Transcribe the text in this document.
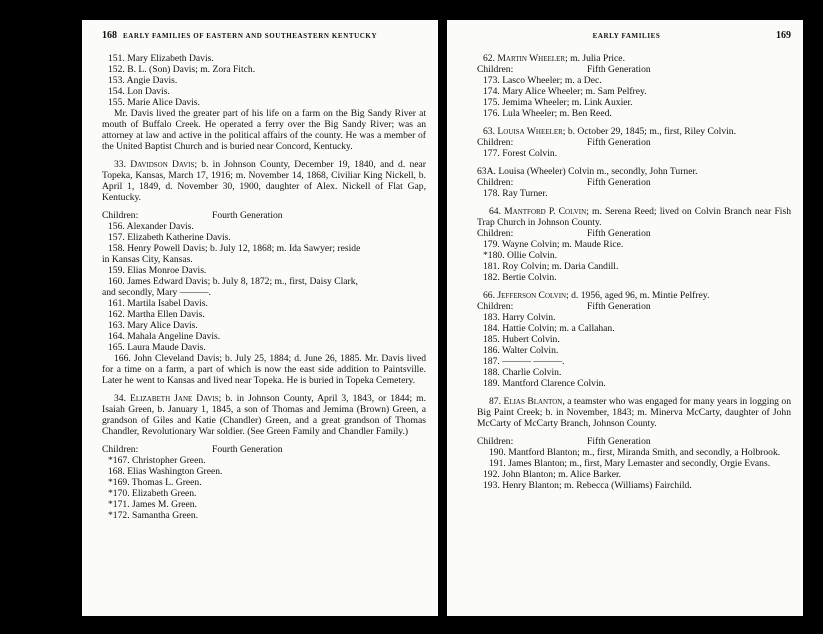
168 EARLY FAMILIES OF EASTERN AND SOUTHEASTERN KENTUCKY
151. Mary Elizabeth Davis.
152. B. L. (Son) Davis; m. Zora Fitch.
153. Angie Davis.
154. Lon Davis.
155. Marie Alice Davis.

Mr. Davis lived the greater part of his life on a farm on the Big Sandy River at mouth of Buffalo Creek. He operated a ferry over the Big Sandy River; was an attorney at law and active in the political affairs of the county. He was a member of the United Baptist Church and is buried near Concord, Kentucky.

33. Davidson Davis; b. in Johnson County, December 19, 1840, and d. near Topeka, Kansas, March 17, 1916; m. November 14, 1868, Civiliar King Nickell, b. April 1, 1849, d. November 30, 1900, daughter of Alex. Nickell of Flat Gap, Kentucky.

Children:	Fourth Generation
156. Alexander Davis.
157. Elizabeth Katherine Davis.
158. Henry Powell Davis; b. July 12, 1868; m. Ida Sawyer; reside
in Kansas City, Kansas.
159. Elias Monroe Davis.
160. James Edward Davis; b. July 8, 1872; m., first, Daisy Clark,
and secondly, Mary ———.
161. Martila Isabel Davis.
162. Martha Ellen Davis.
163. Mary Alice Davis.
164. Mahala Angeline Davis.
165. Laura Maude Davis.

166. John Cleveland Davis; b. July 25, 1884; d. June 26, 1885. Mr. Davis lived for a time on a farm, a part of which is now the east side addition to Paintsville. Later he went to Kansas and lived near Topeka. He is buried in Topeka Cemetery.

34. Elizabeth Jane Davis; b. in Johnson County, April 3, 1843, or 1844; m. Isaiah Green, b. January 1, 1845, a son of Thomas and Jemima (Brown) Green, a grandson of Giles and Katie (Chandler) Green, and a great grandson of Thomas Chandler, Revolutionary War soldier. (See Green Family and Chandler Family.)

Children:	Fourth Generation
*167. Christopher Green.
168. Elias Washington Green.
*169. Thomas L. Green.
*170. Elizabeth Green.
*171. James M. Green.
*172. Samantha Green.
EARLY FAMILIES	169
62. Martin Wheeler; m. Julia Price.
Children:	Fifth Generation
173. Lasco Wheeler; m. a Dec.
174. Mary Alice Wheeler; m. Sam Pelfrey.
175. Jemima Wheeler; m. Link Auxier.
176. Lula Wheeler; m. Ben Reed.
63. Louisa Wheeler; b. October 29, 1845; m., first, Riley Colvin.
Children:	Fifth Generation
177. Forest Colvin.
63A. Louisa (Wheeler) Colvin m., secondly, John Turner.
Children:	Fifth Generation
178. Ray Turner.

64. Mantford P. Colvin; m. Serena Reed; lived on Colvin Branch near Fish Trap Church in Johnson County.

Children:	Fifth Generation
179. Wayne Colvin; m. Maude Rice.
*180. Ollie Colvin.
181. Roy Colvin; m. Daria Candill.
182. Bertie Colvin.
66. Jefferson Colvin; d. 1956, aged 96, m. Mintie Pelfrey.
Children:	Fifth Generation
183. Harry Colvin.
184. Hattie Colvin; m. a Callahan.
185. Hubert Colvin.
186. Walter Colvin.
187. ——— ———.
188. Charlie Colvin.
189. Mantford Clarence Colvin.

87. Elias Blanton, a teamster who was engaged for many years in logging on Big Paint Creek; b. in November, 1843; m. Minerva McCarty, daughter of John McCarty of McCarty Branch, Johnson County.

Children:	Fifth Generation

190. Mantford Blanton; m., first, Miranda Smith, and secondly, a Holbrook.

191. James Blanton; m., first, Mary Lemaster and secondly, Orgie Evans.

192. John Blanton; m. Alice Barker.
193. Henry Blanton; m. Rebecca (Williams) Fairchild.
